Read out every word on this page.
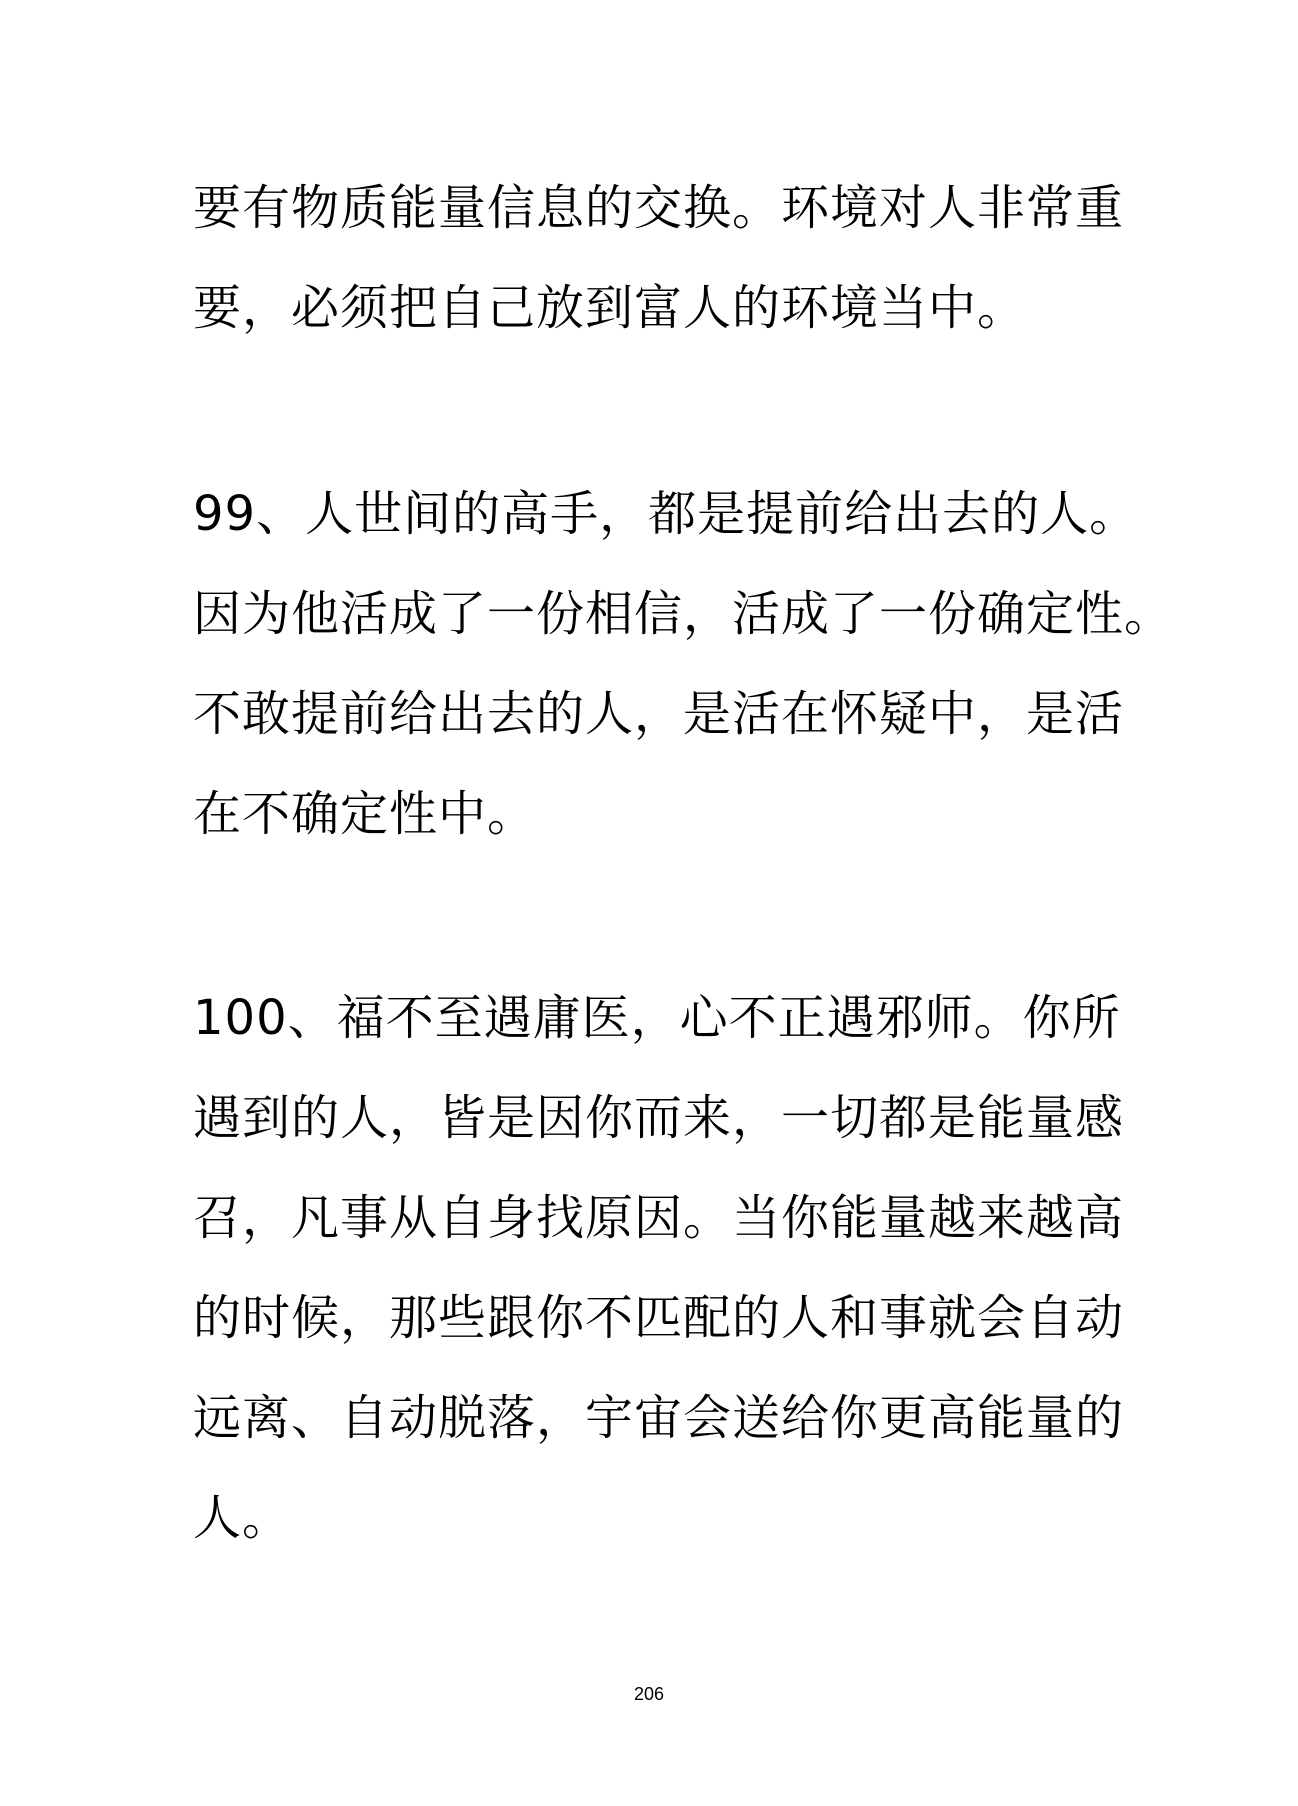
要有物质能量信息的交换。环境对人非常重
要，必须把自己放到富人的环境当中。
99、人世间的高手，都是提前给出去的人。
因为他活成了一份相信，活成了一份确定性。
不敢提前给出去的人，是活在怀疑中，是活
在不确定性中。
100、福不至遇庸医，心不正遇邪师。你所
遇到的人，皆是因你而来，一切都是能量感
召，凡事从自身找原因。当你能量越来越高
的时候，那些跟你不匹配的人和事就会自动
远离、自动脱落，宇宙会送给你更高能量的
人。
206
